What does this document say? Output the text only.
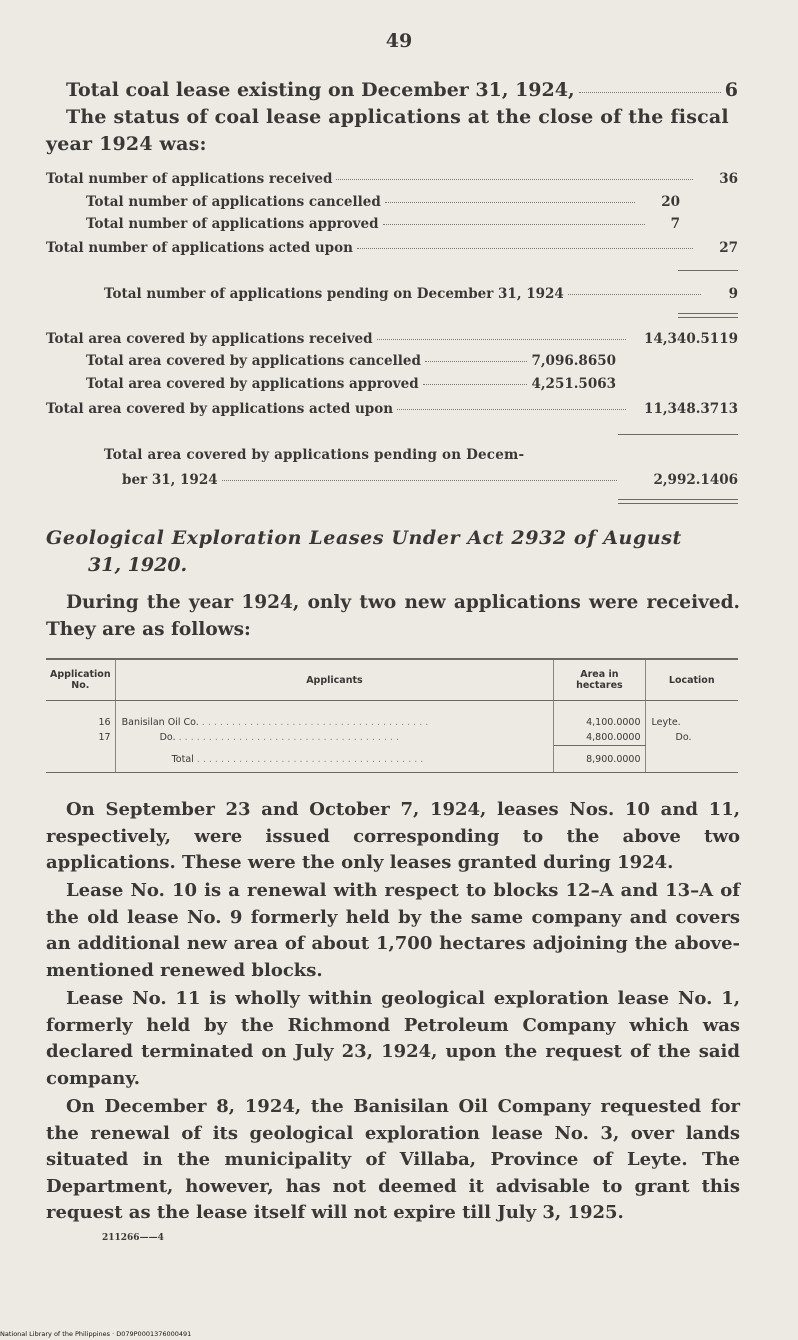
49
Total coal lease existing on December 31, 1924,	6
The status of coal lease applications at the close of the fiscal year 1924 was:
Total number of applications received	36
Total number of applications cancelled	20
Total number of applications approved	7
Total number of applications acted upon	27
Total number of applications pending on December 31, 1924	9
Total area covered by applications received	14,340.5119
Total area covered by applications cancelled	7,096.8650
Total area covered by applications approved	4,251.5063
Total area covered by applications acted upon	11,348.3713
Total area covered by applications pending on Decem-
ber 31, 1924	2,992.1406
Geological Exploration Leases Under Act 2932 of August
31, 1920.
During the year 1924, only two new applications were received. They are as follows:
Application No.	Applicants	Area in hectares	Location
16	Banisilan Oil Co. . . . . . . . . . . . . . . . . . . . . . . . . . . . . . . . . . . . . . .	4,100.0000	Leyte.
17	Do. . . . . . . . . . . . . . . . . . . . . . . . . . . . . . . . . . . . . .	4,800.0000	Do.
	Total . . . . . . . . . . . . . . . . . . . . . . . . . . . . . . . . . . . . . .	8,900.0000	
On September 23 and October 7, 1924, leases Nos. 10 and 11, respectively, were issued corresponding to the above two applications. These were the only leases granted during 1924.
Lease No. 10 is a renewal with respect to blocks 12–A and 13–A of the old lease No. 9 formerly held by the same company and covers an additional new area of about 1,700 hectares adjoining the above-mentioned renewed blocks.
Lease No. 11 is wholly within geological exploration lease No. 1, formerly held by the Richmond Petroleum Company which was declared terminated on July 23, 1924, upon the request of the said company.
On December 8, 1924, the Banisilan Oil Company requested for the renewal of its geological exploration lease No. 3, over lands situated in the municipality of Villaba, Province of Leyte. The Department, however, has not deemed it advisable to grant this request as the lease itself will not expire till July 3, 1925.
211266——4
National Library of the Philippines · D079P0001376000491
